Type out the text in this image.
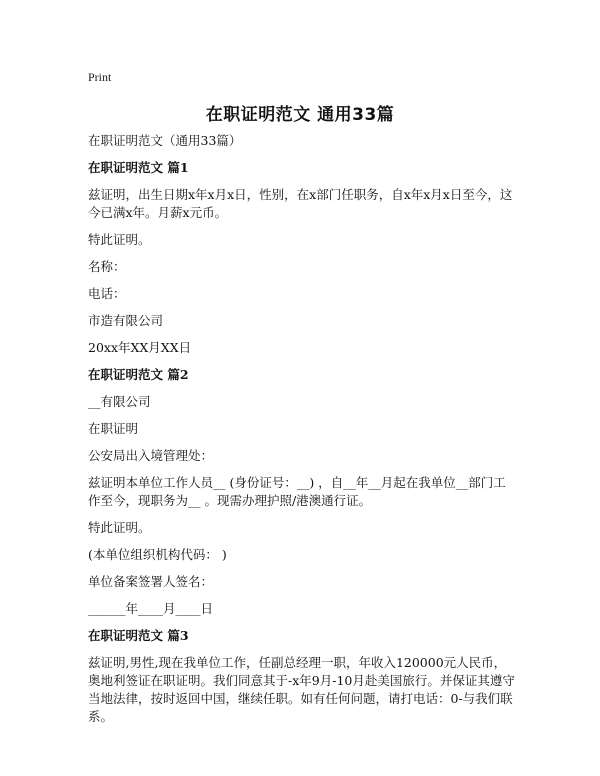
Print
在职证明范文 通用33篇

在职证明范文（通用33篇）

在职证明范文 篇1

兹证明，出生日期x年x月x日，性别，在x部门任职务，自x年x月x日至今，这今已满x年。月薪x元币。

特此证明。

名称：

电话：

市造有限公司

20xx年XX月XX日

在职证明范文 篇2

__有限公司

在职证明

公安局出入境管理处：

兹证明本单位工作人员__ (身份证号：__) ，自__年__月起在我单位__部门工作至今，现职务为__ 。现需办理护照/港澳通行证。

特此证明。

(本单位组织机构代码： )

单位备案签署人签名：

______年____月____日

在职证明范文 篇3

兹证明,男性,现在我单位工作，任副总经理一职，年收入120000元人民币，奥地利签证在职证明。我们同意其于-x年9月-10月赴美国旅行。并保证其遵守当地法律，按时返回中国，继续任职。如有任何问题，请打电话：0-与我们联系。
